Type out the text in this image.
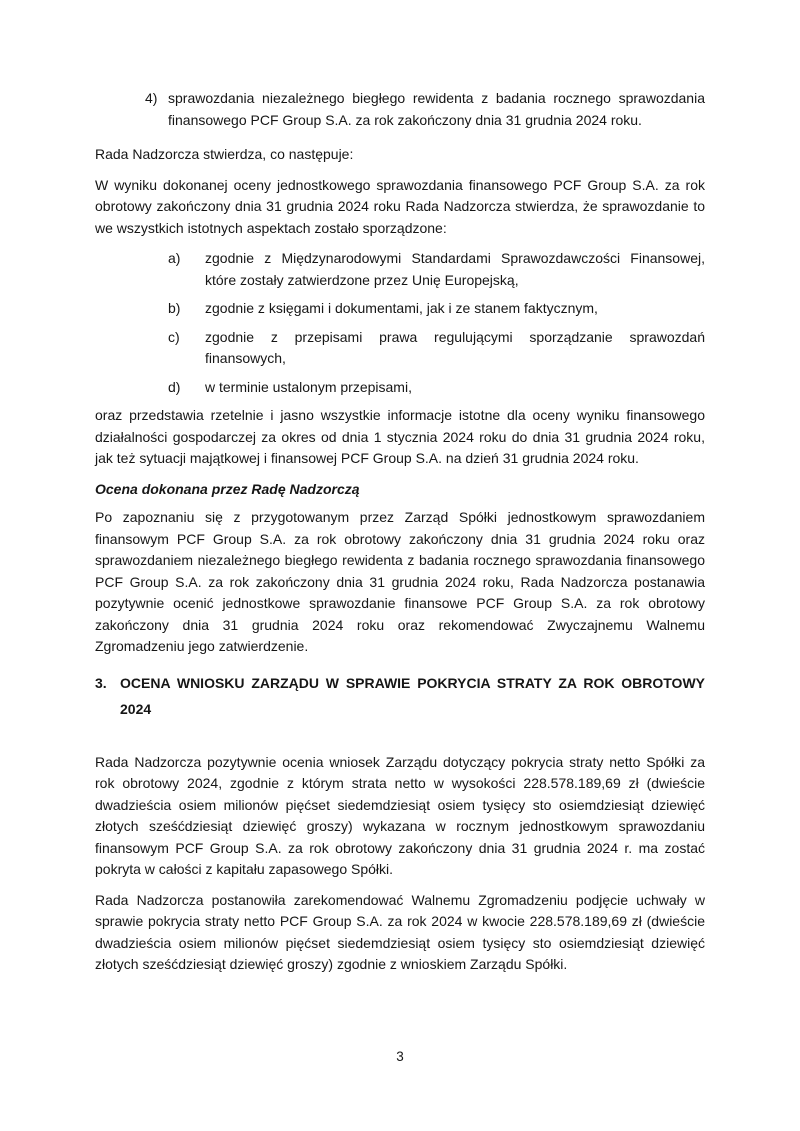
4) sprawozdania niezależnego biegłego rewidenta z badania rocznego sprawozdania finansowego PCF Group S.A. za rok zakończony dnia 31 grudnia 2024 roku.

Rada Nadzorcza stwierdza, co następuje:

W wyniku dokonanej oceny jednostkowego sprawozdania finansowego PCF Group S.A. za rok obrotowy zakończony dnia 31 grudnia 2024 roku Rada Nadzorcza stwierdza, że sprawozdanie to we wszystkich istotnych aspektach zostało sporządzone:

a)	zgodnie z Międzynarodowymi Standardami Sprawozdawczości Finansowej, które zostały zatwierdzone przez Unię Europejską,
b)	zgodnie z księgami i dokumentami, jak i ze stanem faktycznym,
c)	zgodnie z przepisami prawa regulującymi sporządzanie sprawozdań finansowych,
d)	w terminie ustalonym przepisami,

oraz przedstawia rzetelnie i jasno wszystkie informacje istotne dla oceny wyniku finansowego działalności gospodarczej za okres od dnia 1 stycznia 2024 roku do dnia 31 grudnia 2024 roku, jak też sytuacji majątkowej i finansowej PCF Group S.A. na dzień 31 grudnia 2024 roku.

Ocena dokonana przez Radę Nadzorczą

Po zapoznaniu się z przygotowanym przez Zarząd Spółki jednostkowym sprawozdaniem finansowym PCF Group S.A. za rok obrotowy zakończony dnia 31 grudnia 2024 roku oraz sprawozdaniem niezależnego biegłego rewidenta z badania rocznego sprawozdania finansowego PCF Group S.A. za rok zakończony dnia 31 grudnia 2024 roku, Rada Nadzorcza postanawia pozytywnie ocenić jednostkowe sprawozdanie finansowe PCF Group S.A. za rok obrotowy zakończony dnia 31 grudnia 2024 roku oraz rekomendować Zwyczajnemu Walnemu Zgromadzeniu jego zatwierdzenie.

3. OCENA WNIOSKU ZARZĄDU W SPRAWIE POKRYCIA STRATY ZA ROK OBROTOWY 2024

Rada Nadzorcza pozytywnie ocenia wniosek Zarządu dotyczący pokrycia straty netto Spółki za rok obrotowy 2024, zgodnie z którym strata netto w wysokości 228.578.189,69 zł (dwieście dwadzieścia osiem milionów pięćset siedemdziesiąt osiem tysięcy sto osiemdziesiąt dziewięć złotych sześćdziesiąt dziewięć groszy) wykazana w rocznym jednostkowym sprawozdaniu finansowym PCF Group S.A. za rok obrotowy zakończony dnia 31 grudnia 2024 r. ma zostać pokryta w całości z kapitału zapasowego Spółki.

Rada Nadzorcza postanowiła zarekomendować Walnemu Zgromadzeniu podjęcie uchwały w sprawie pokrycia straty netto PCF Group S.A. za rok 2024 w kwocie 228.578.189,69 zł (dwieście dwadzieścia osiem milionów pięćset siedemdziesiąt osiem tysięcy sto osiemdziesiąt dziewięć złotych sześćdziesiąt dziewięć groszy) zgodnie z wnioskiem Zarządu Spółki.

3
